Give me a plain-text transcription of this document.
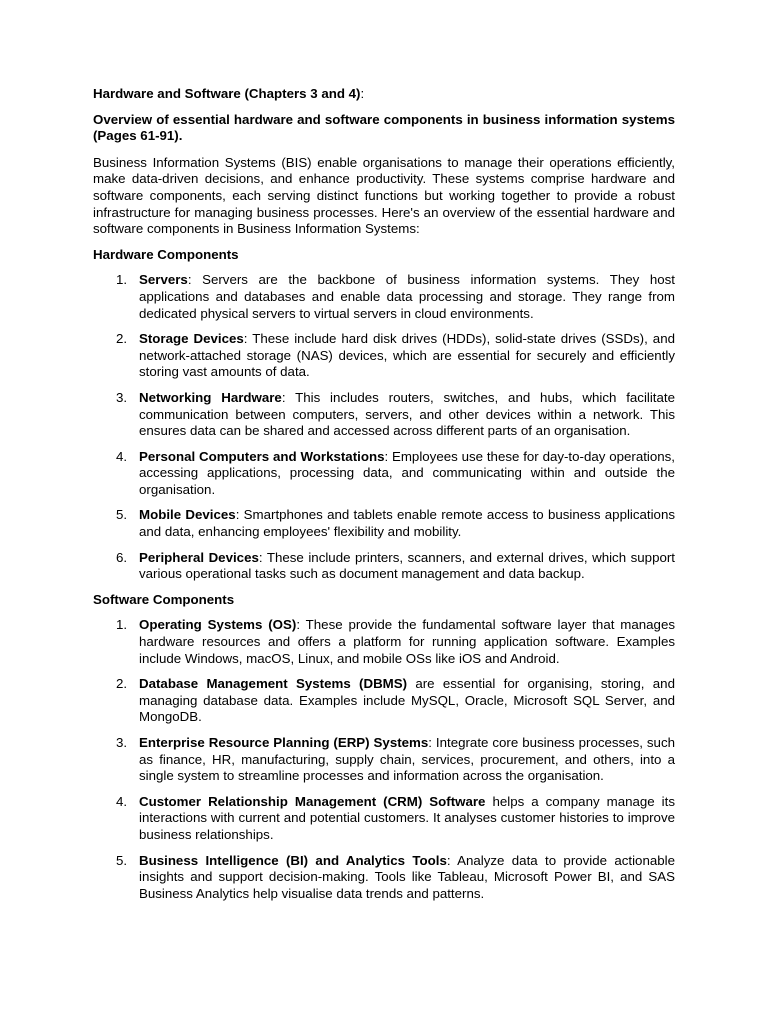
Hardware and Software (Chapters 3 and 4):

Overview of essential hardware and software components in business information systems (Pages 61-91).

Business Information Systems (BIS) enable organisations to manage their operations efficiently, make data-driven decisions, and enhance productivity. These systems comprise hardware and software components, each serving distinct functions but working together to provide a robust infrastructure for managing business processes. Here's an overview of the essential hardware and software components in Business Information Systems:

Hardware Components

1. Servers: Servers are the backbone of business information systems. They host applications and databases and enable data processing and storage. They range from dedicated physical servers to virtual servers in cloud environments.
2. Storage Devices: These include hard disk drives (HDDs), solid-state drives (SSDs), and network-attached storage (NAS) devices, which are essential for securely and efficiently storing vast amounts of data.
3. Networking Hardware: This includes routers, switches, and hubs, which facilitate communication between computers, servers, and other devices within a network. This ensures data can be shared and accessed across different parts of an organisation.
4. Personal Computers and Workstations: Employees use these for day-to-day operations, accessing applications, processing data, and communicating within and outside the organisation.
5. Mobile Devices: Smartphones and tablets enable remote access to business applications and data, enhancing employees' flexibility and mobility.
6. Peripheral Devices: These include printers, scanners, and external drives, which support various operational tasks such as document management and data backup.

Software Components

1. Operating Systems (OS): These provide the fundamental software layer that manages hardware resources and offers a platform for running application software. Examples include Windows, macOS, Linux, and mobile OSs like iOS and Android.
2. Database Management Systems (DBMS) are essential for organising, storing, and managing database data. Examples include MySQL, Oracle, Microsoft SQL Server, and MongoDB.
3. Enterprise Resource Planning (ERP) Systems: Integrate core business processes, such as finance, HR, manufacturing, supply chain, services, procurement, and others, into a single system to streamline processes and information across the organisation.
4. Customer Relationship Management (CRM) Software helps a company manage its interactions with current and potential customers. It analyses customer histories to improve business relationships.
5. Business Intelligence (BI) and Analytics Tools: Analyze data to provide actionable insights and support decision-making. Tools like Tableau, Microsoft Power BI, and SAS Business Analytics help visualise data trends and patterns.
